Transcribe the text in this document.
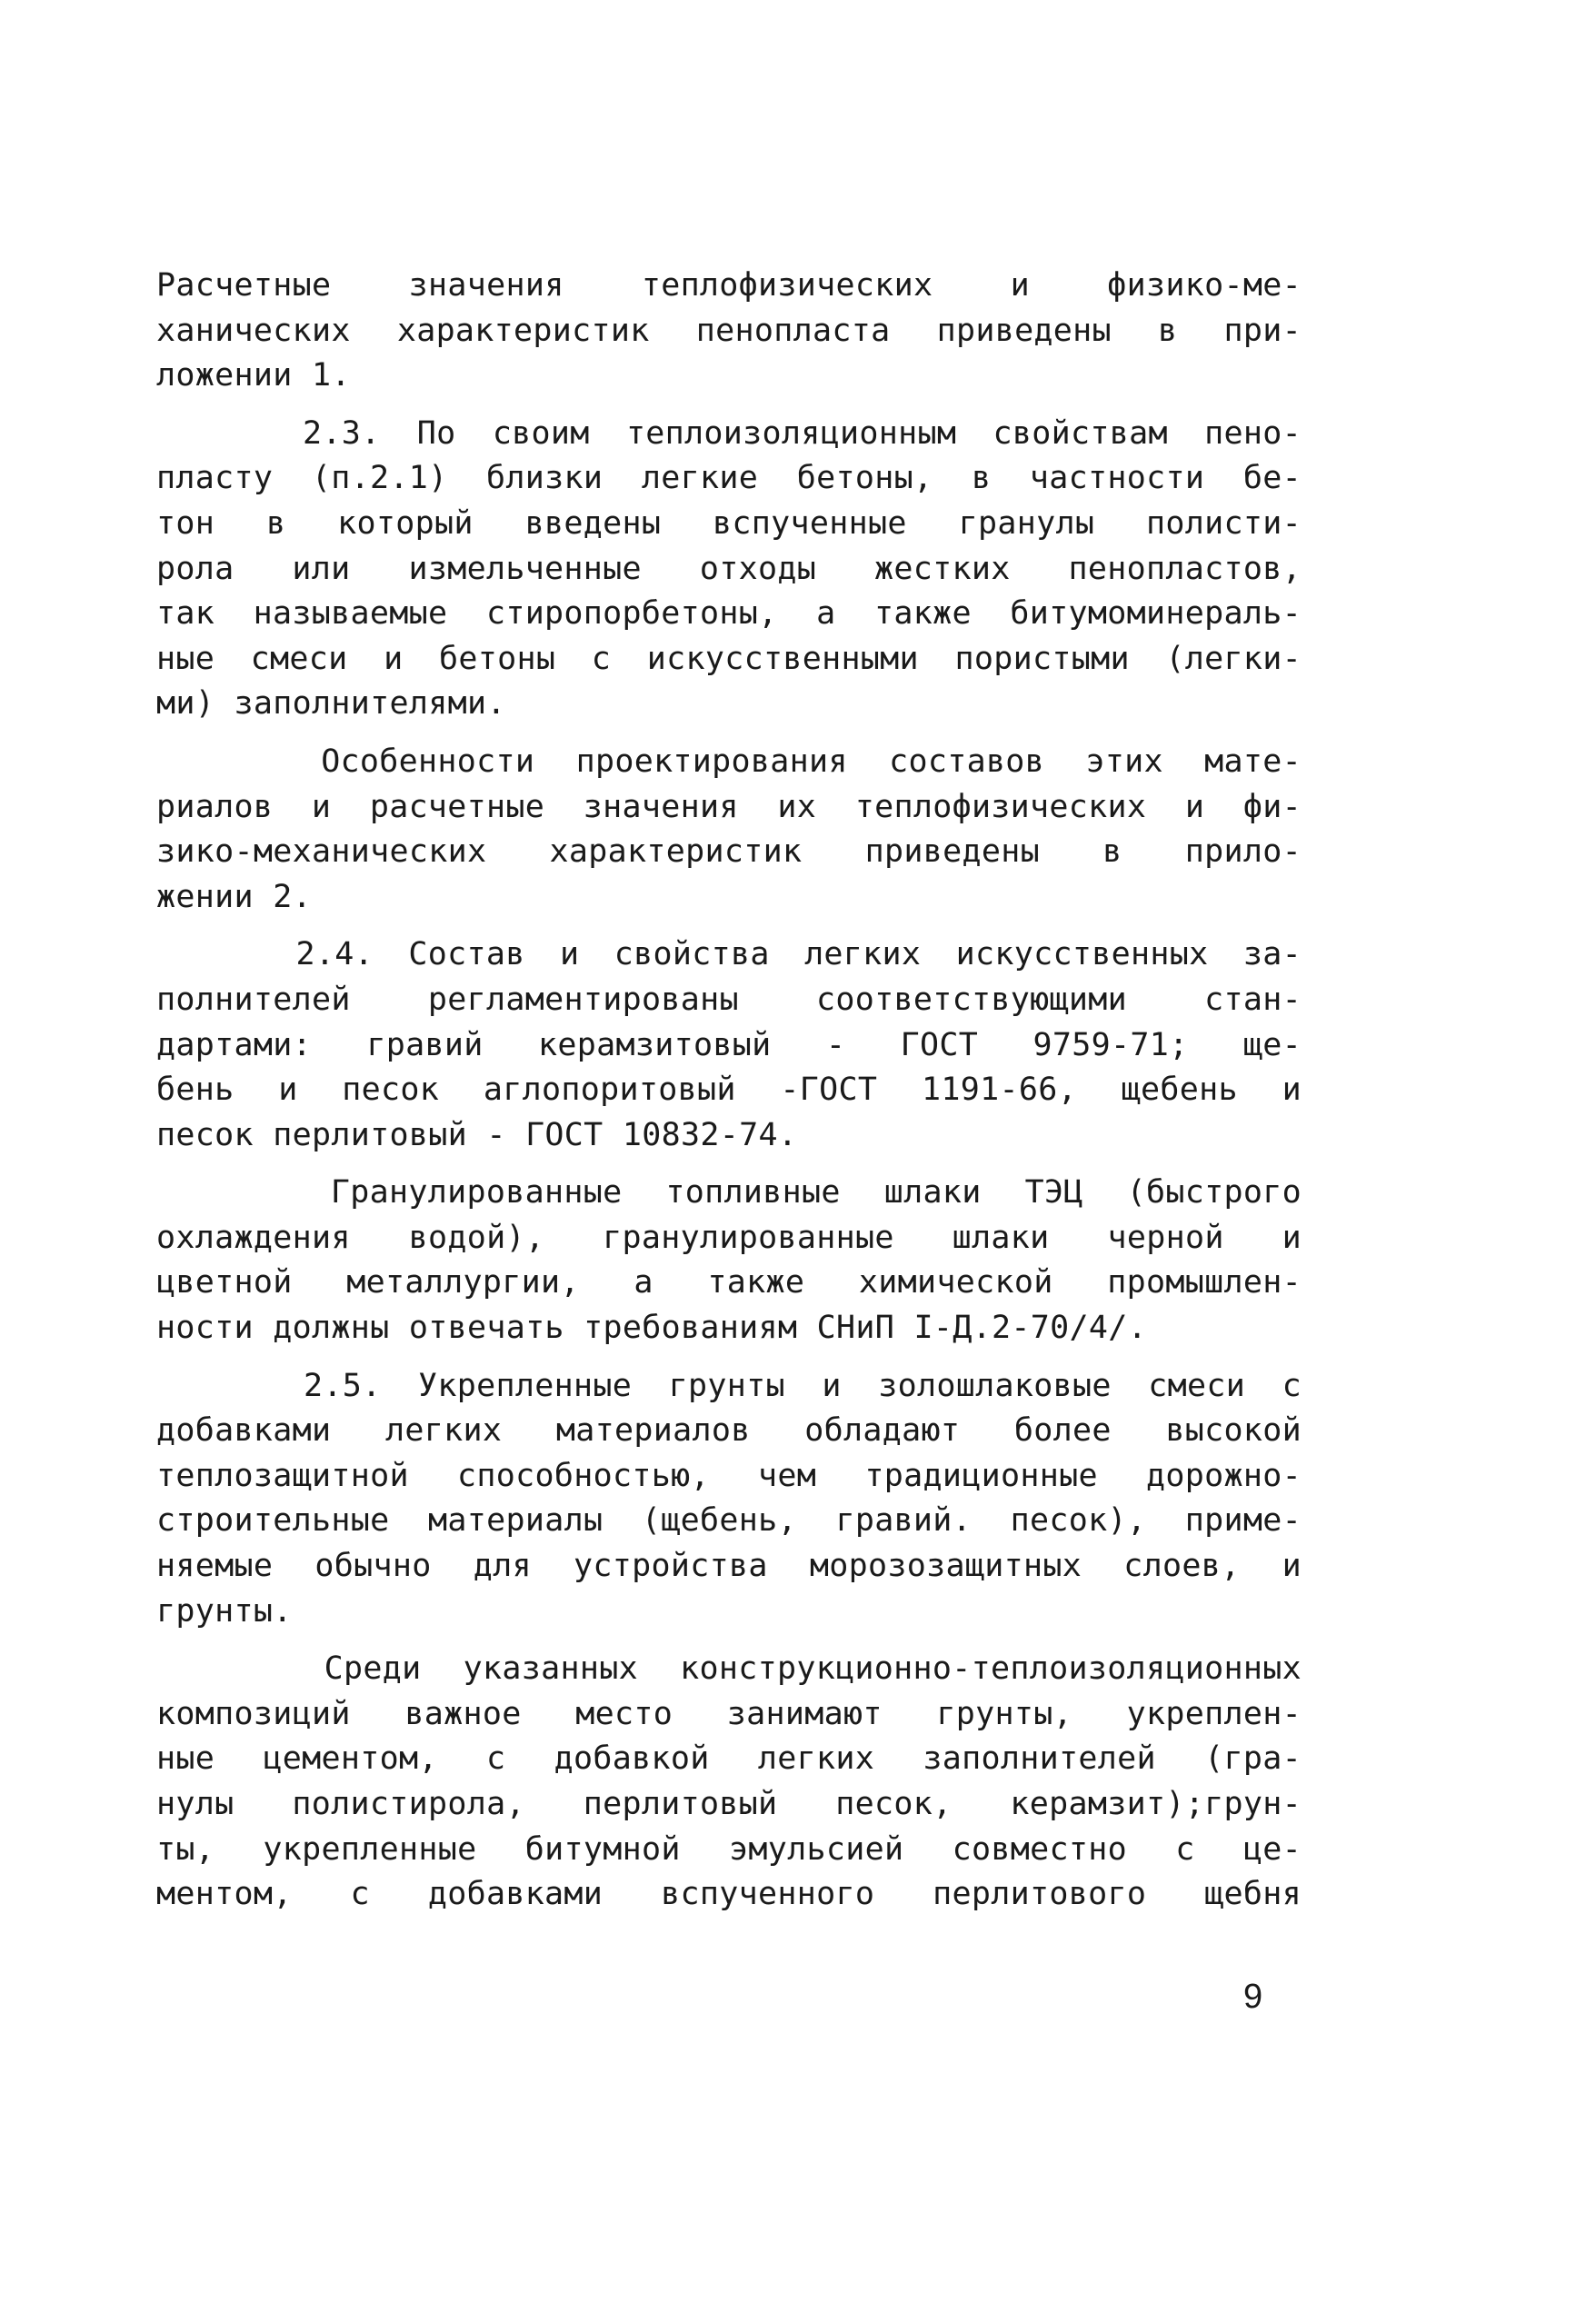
Расчетные значения теплофизических и физико-ме-
ханических характеристик пенопласта приведены в при-
ложении 1.
2.3. По своим теплоизоляционным свойствам пено-
пласту (п.2.1) близки легкие бетоны, в частности бе-
тон в который введены вспученные гранулы полисти-
рола или измельченные отходы жестких пенопластов,
так называемые стиропорбетоны, а также битумоминераль-
ные смеси и бетоны с искусственными пористыми (легки-
ми) заполнителями.
Особенности проектирования составов этих мате-
риалов и расчетные значения их теплофизических и фи-
зико-механических характеристик приведены в прило-
жении 2.
2.4. Состав и свойства легких искусственных за-
полнителей регламентированы соответствующими стан-
дартами: гравий керамзитовый - ГОСТ 9759-71; ще-
бень и песок аглопоритовый -ГОСТ 1191-66, щебень и
песок перлитовый - ГОСТ 10832-74.
Гранулированные топливные шлаки ТЭЦ (быстрого
охлаждения водой), гранулированные шлаки черной и
цветной металлургии, а также химической промышлен-
ности должны отвечать требованиям СНиП I-Д.2-70/4/.
2.5. Укрепленные грунты и золошлаковые смеси с
добавками легких материалов обладают более высокой
теплозащитной способностью, чем традиционные дорожно-
строительные материалы (щебень, гравий. песок), приме-
няемые обычно для устройства морозозащитных слоев, и
грунты.
Среди указанных конструкционно-теплоизоляционных
композиций важное место занимают грунты, укреплен-
ные цементом, с добавкой легких заполнителей (гра-
нулы полистирола, перлитовый песок, керамзит);грун-
ты, укрепленные битумной эмульсией совместно с це-
ментом, с добавками вспученного перлитового щебня
9
